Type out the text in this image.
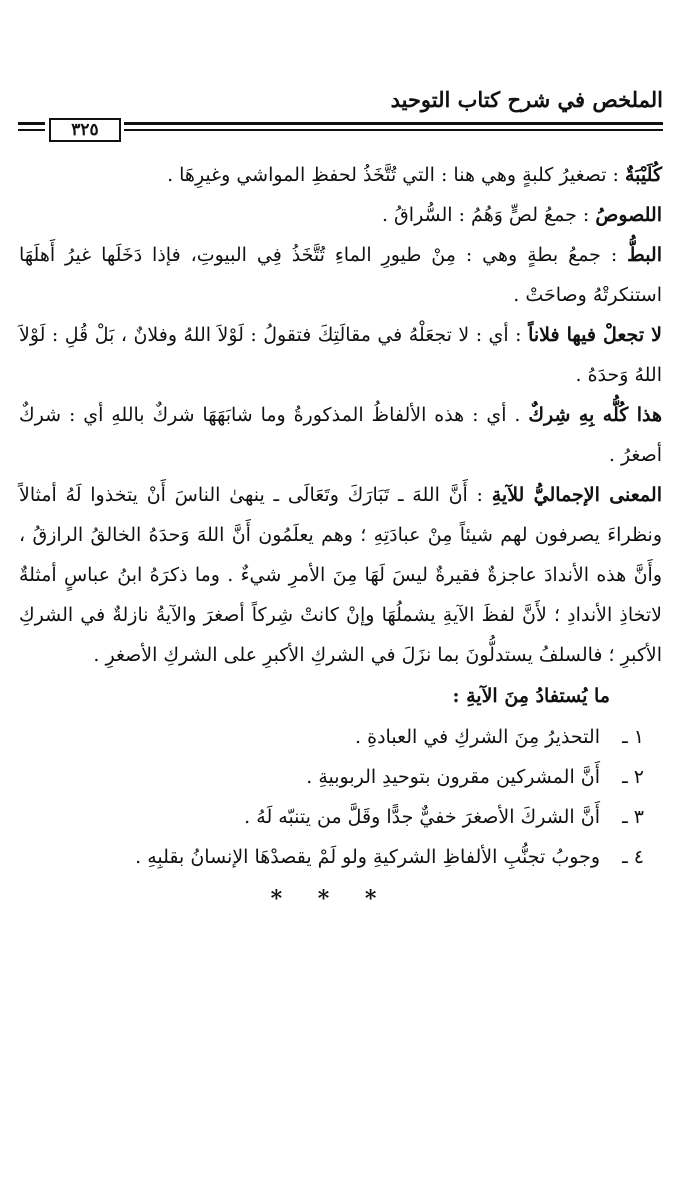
الملخص في شرح كتاب التوحيد
٣٢٥

كُلَيْبَةٌ : تصغيرُ كلبةٍ وهي هنا : التي تُتَّخَذُ لحفظِ المواشي وغيرِهَا .

اللصوصُ : جمعُ لصٍّ وَهُمُ : السُّراقُ .

البطُّ : جمعُ بطةٍ وهي : مِنْ طيورِ الماءِ تُتَّخَذُ فِي البيوتِ، فإذا دَخَلَها غيرُ أَهلَهَا استنكرتْهُ وصاحَتْ .

لا تجعلْ فيها فلاناً : أي : لا تجعَلْهُ في مقالَتِكَ فتقولُ : لَوْلاَ اللهُ وفلانٌ ، بَلْ قُلِ : لَوْلاَ اللهُ وَحدَهُ .

هذا كُلُّه بِهِ شِركٌ . أي : هذه الألفاظُ المذكورةُ وما شابَهَهَا شركٌ باللهِ أي : شركٌ أصغرُ .

المعنى الإجماليُّ للآيةِ : أَنَّ اللهَ ـ تَبَارَكَ وتَعَالَى ـ ينهىٰ الناسَ أَنْ يتخذوا لَهُ أمثالاً ونظراءَ يصرفون لهم شيئاً مِنْ عبادَتِهِ ؛ وهم يعلَمُون أَنَّ اللهَ وَحدَهُ الخالقُ الرازقُ ، وأَنَّ هذه الأندادَ عاجزةٌ فقيرةٌ ليسَ لَهَا مِنَ الأمرِ شيءٌ . وما ذكرَهُ ابنُ عباسٍ أمثلةٌ لاتخاذِ الأندادِ ؛ لأَنَّ لفظَ الآيةِ يشملُهَا وإنْ كانتْ شِركاً أصغرَ والآيةُ نازلةٌ في الشركِ الأكبرِ ؛ فالسلفُ يستدلُّونَ بما نزَلَ في الشركِ الأكبرِ على الشركِ الأصغرِ .

ما يُستفادُ مِنَ الآيةِ :

١ ـالتحذيرُ مِنَ الشركِ في العبادةِ .

٢ ـأَنَّ المشركين مقرون بتوحيدِ الربوبيةِ .

٣ ـأَنَّ الشركَ الأصغرَ خفيٌّ جدًّا وقَلَّ من يتنبّه لَهُ .

٤ ـوجوبُ تجنُّبِ الألفاظِ الشركيةِ ولو لَمْ يقصدْهَا الإنسانُ بقلبِهِ .

* * *
